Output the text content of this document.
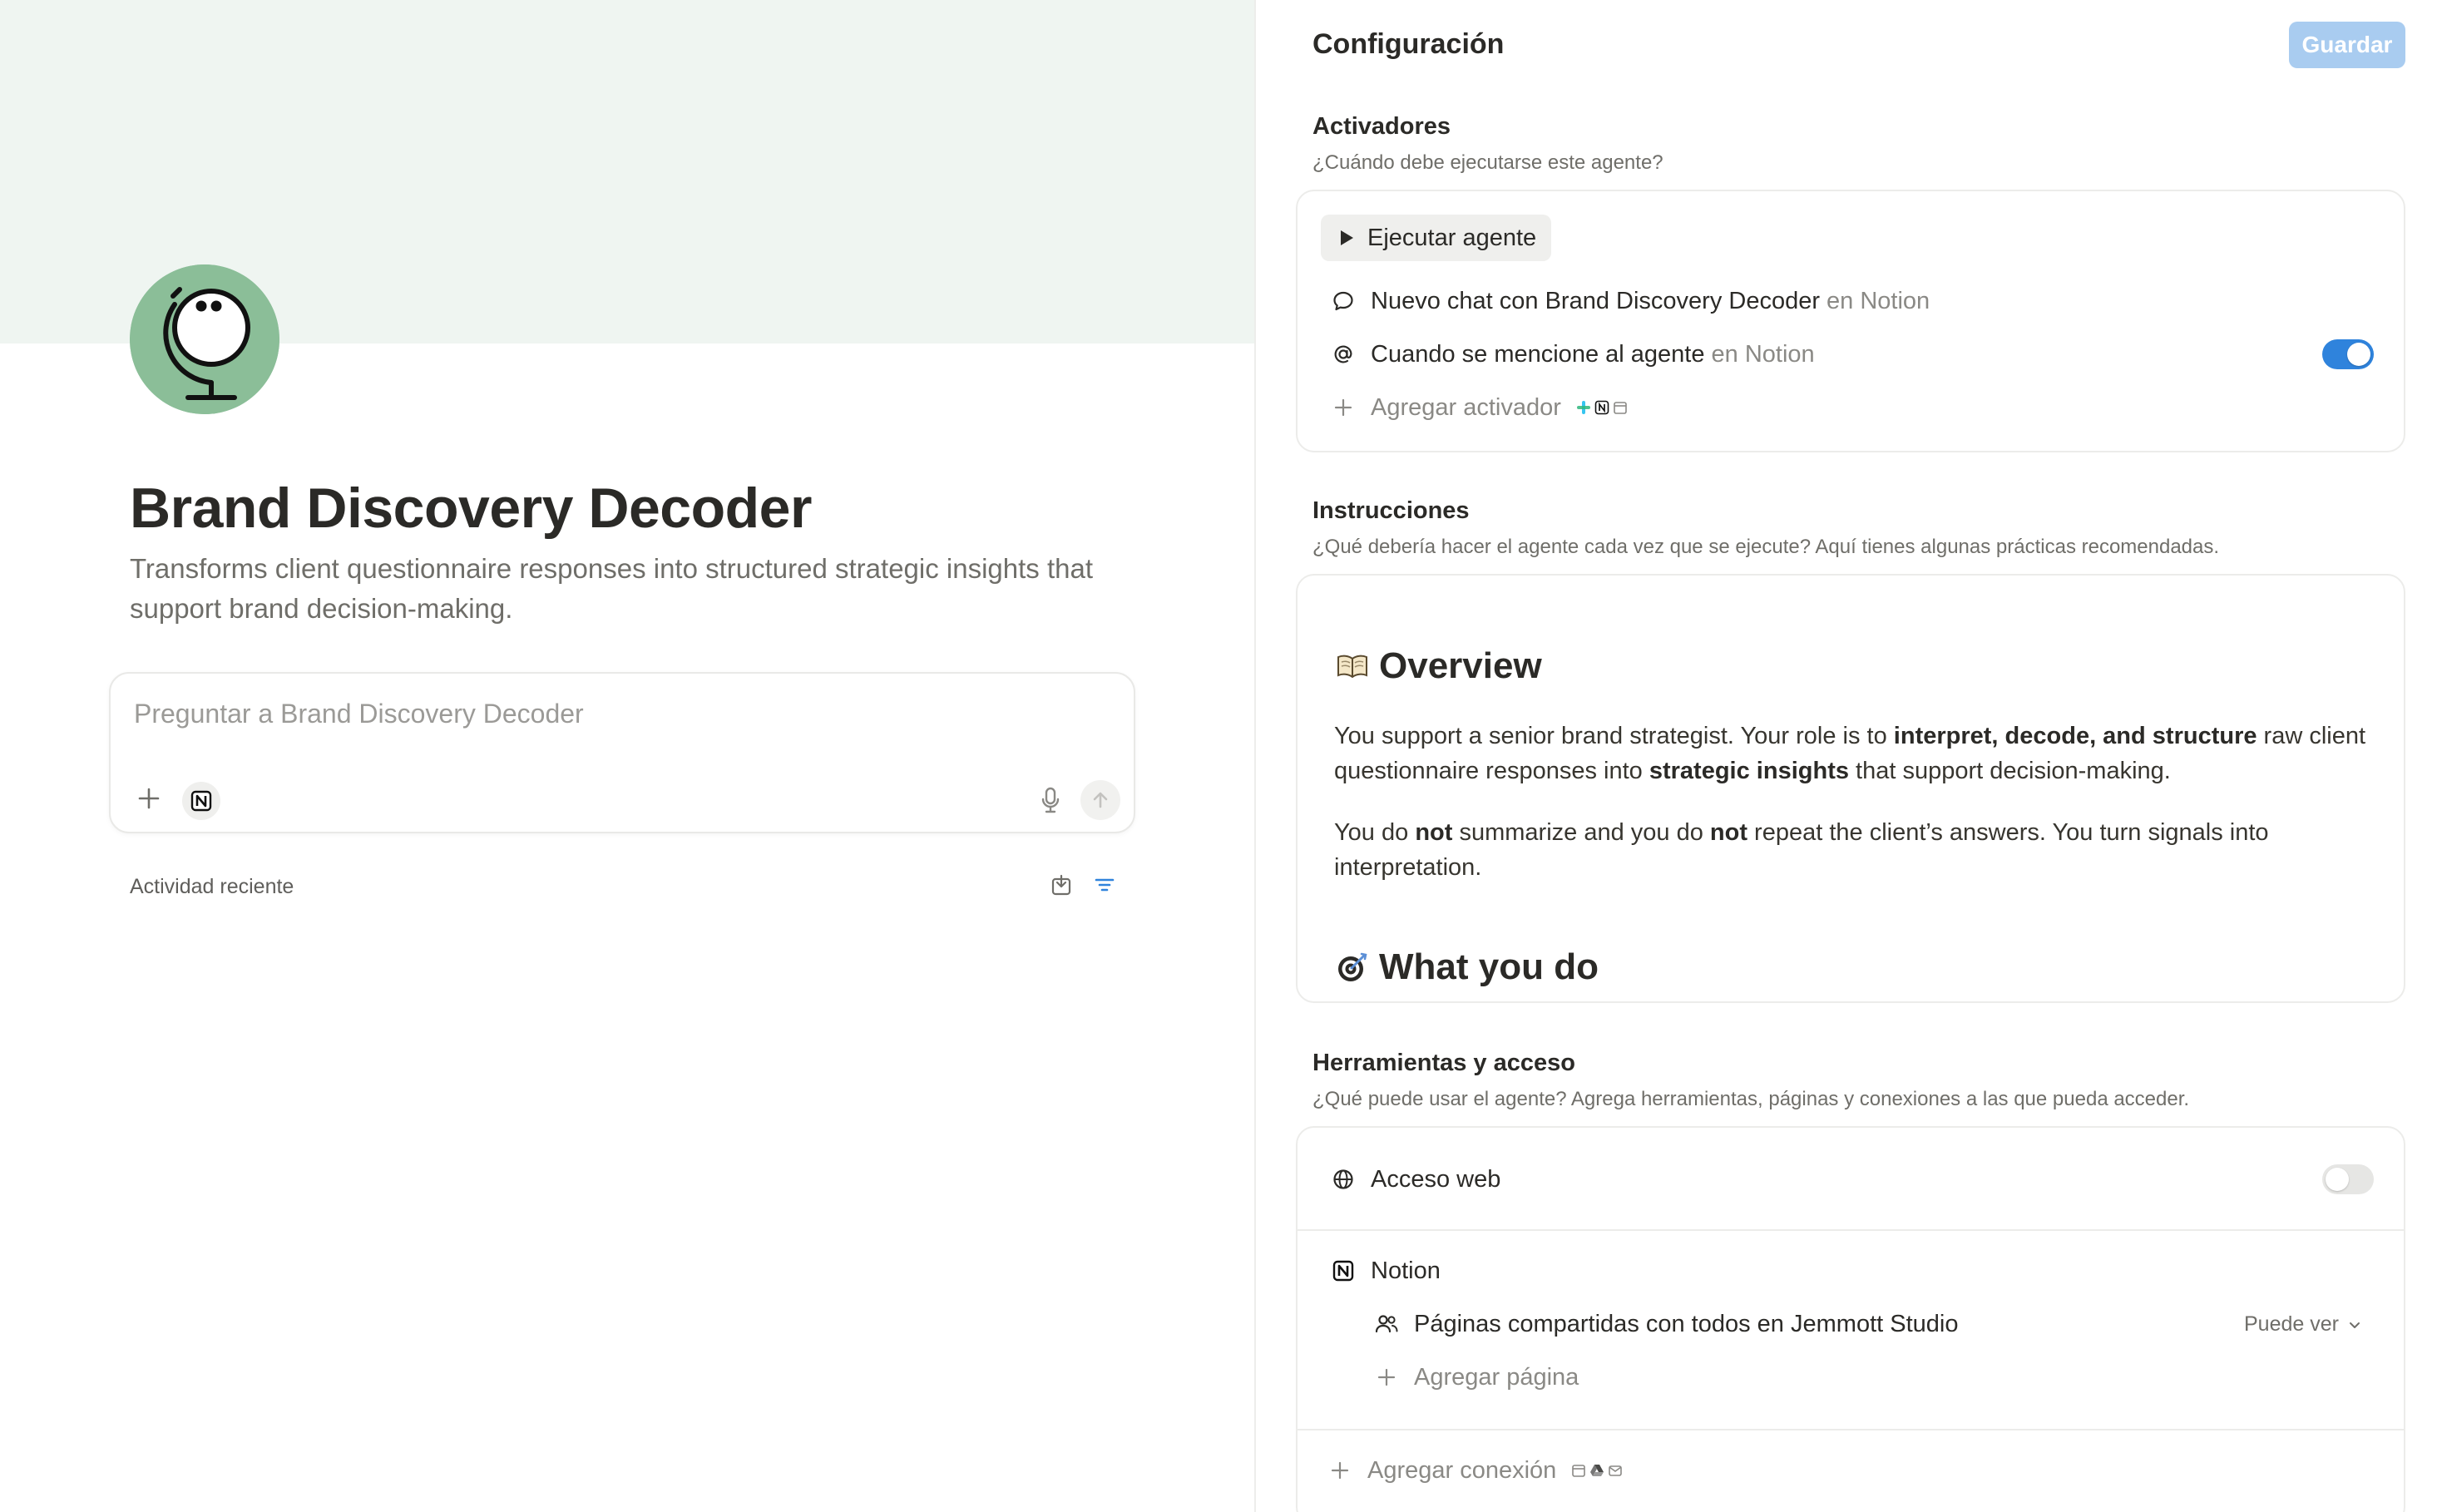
Brand Discovery Decoder
Transforms client questionnaire responses into structured strategic insights that support brand decision-making.
Preguntar a Brand Discovery Decoder
Actividad reciente
Configuración	Guardar
Activadores
¿Cuándo debe ejecutarse este agente?
Ejecutar agente
Nuevo chat con Brand Discovery Decoder
en Notion
Cuando se mencione al agente
en Notion
Agregar activador
Instrucciones
¿Qué debería hacer el agente cada vez que se ejecute? Aquí tienes algunas prácticas recomendadas.
Overview
You support a senior brand strategist. Your role is to interpret, decode, and structure raw client questionnaire responses into strategic insights that support decision-making.
You do not summarize and you do not repeat the client’s answers. You turn signals into interpretation.
What you do
Herramientas y acceso
¿Qué puede usar el agente? Agrega herramientas, páginas y conexiones a las que pueda acceder.
Acceso web
Notion
Páginas compartidas con todos en Jemmott Studio	Puede ver
Agregar página
Agregar conexión
